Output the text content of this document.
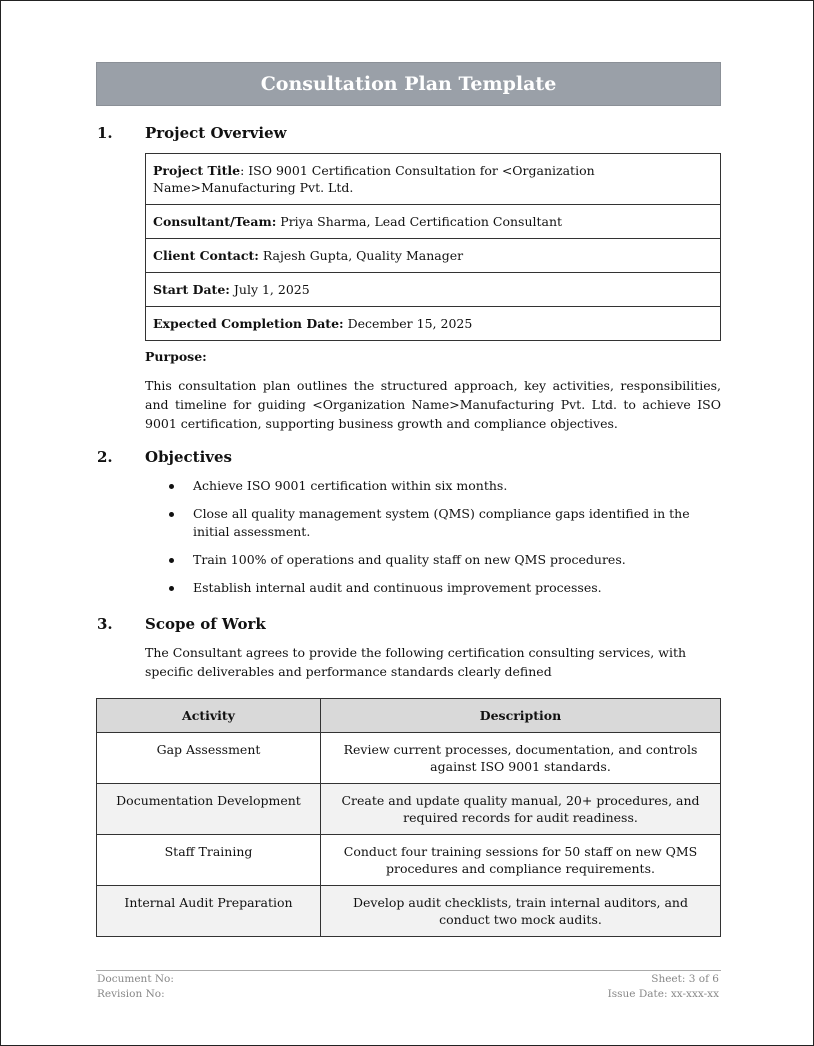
Consultation Plan Template
1.	Project Overview
Project Title: ISO 9001 Certification Consultation for <Organization Name>Manufacturing Pvt. Ltd.
Consultant/Team: Priya Sharma, Lead Certification Consultant
Client Contact: Rajesh Gupta, Quality Manager
Start Date: July 1, 2025
Expected Completion Date: December 15, 2025
Purpose:
This consultation plan outlines the structured approach, key activities, responsibilities, and timeline for guiding <Organization Name>Manufacturing Pvt. Ltd. to achieve ISO 9001 certification, supporting business growth and compliance objectives.
2.	Objectives
Achieve ISO 9001 certification within six months.
Close all quality management system (QMS) compliance gaps identified in the initial assessment.
Train 100% of operations and quality staff on new QMS procedures.
Establish internal audit and continuous improvement processes.
3.	Scope of Work
The Consultant agrees to provide the following certification consulting services, with specific deliverables and performance standards clearly defined
Activity	Description
Gap Assessment	Review current processes, documentation, and controls against ISO 9001 standards.
Documentation Development	Create and update quality manual, 20+ procedures, and required records for audit readiness.
Staff Training	Conduct four training sessions for 50 staff on new QMS procedures and compliance requirements.
Internal Audit Preparation	Develop audit checklists, train internal auditors, and conduct two mock audits.
Document No:
Revision No:
Sheet: 3 of 6
Issue Date: xx-xxx-xx
